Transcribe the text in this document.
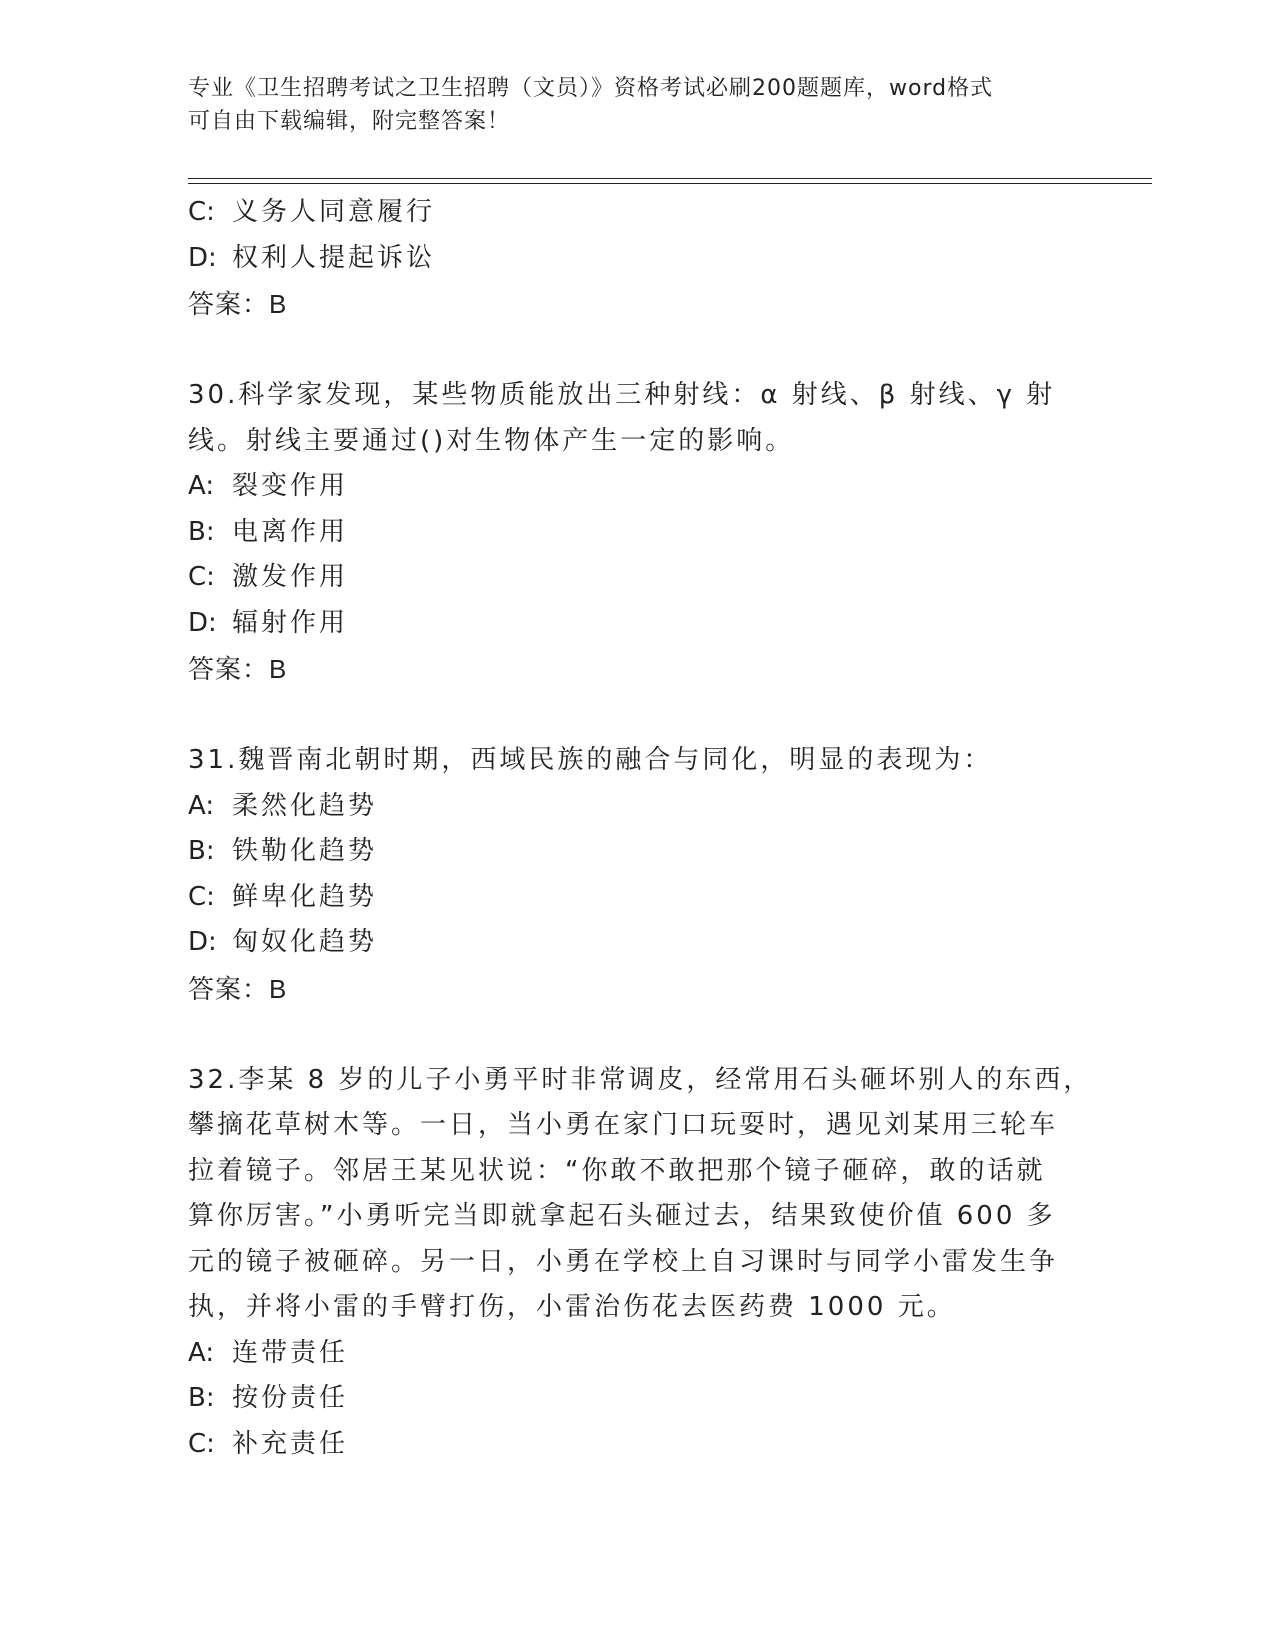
专业《卫生招聘考试之卫生招聘（文员）》资格考试必刷200题题库，word格式
可自由下载编辑，附完整答案！
C: 义务人同意履行
D: 权利人提起诉讼
答案：B
30.科学家发现，某些物质能放出三种射线：α 射线、β 射线、γ 射
线。射线主要通过()对生物体产生一定的影响。
A: 裂变作用
B: 电离作用
C: 激发作用
D: 辐射作用
答案：B
31.魏晋南北朝时期，西域民族的融合与同化，明显的表现为：
A: 柔然化趋势
B: 铁勒化趋势
C: 鲜卑化趋势
D: 匈奴化趋势
答案：B
32.李某 8 岁的儿子小勇平时非常调皮，经常用石头砸坏别人的东西，
攀摘花草树木等。一日，当小勇在家门口玩耍时，遇见刘某用三轮车
拉着镜子。邻居王某见状说：“你敢不敢把那个镜子砸碎，敢的话就
算你厉害。”小勇听完当即就拿起石头砸过去，结果致使价值 600 多
元的镜子被砸碎。另一日，小勇在学校上自习课时与同学小雷发生争
执，并将小雷的手臂打伤，小雷治伤花去医药费 1000 元。
A: 连带责任
B: 按份责任
C: 补充责任
